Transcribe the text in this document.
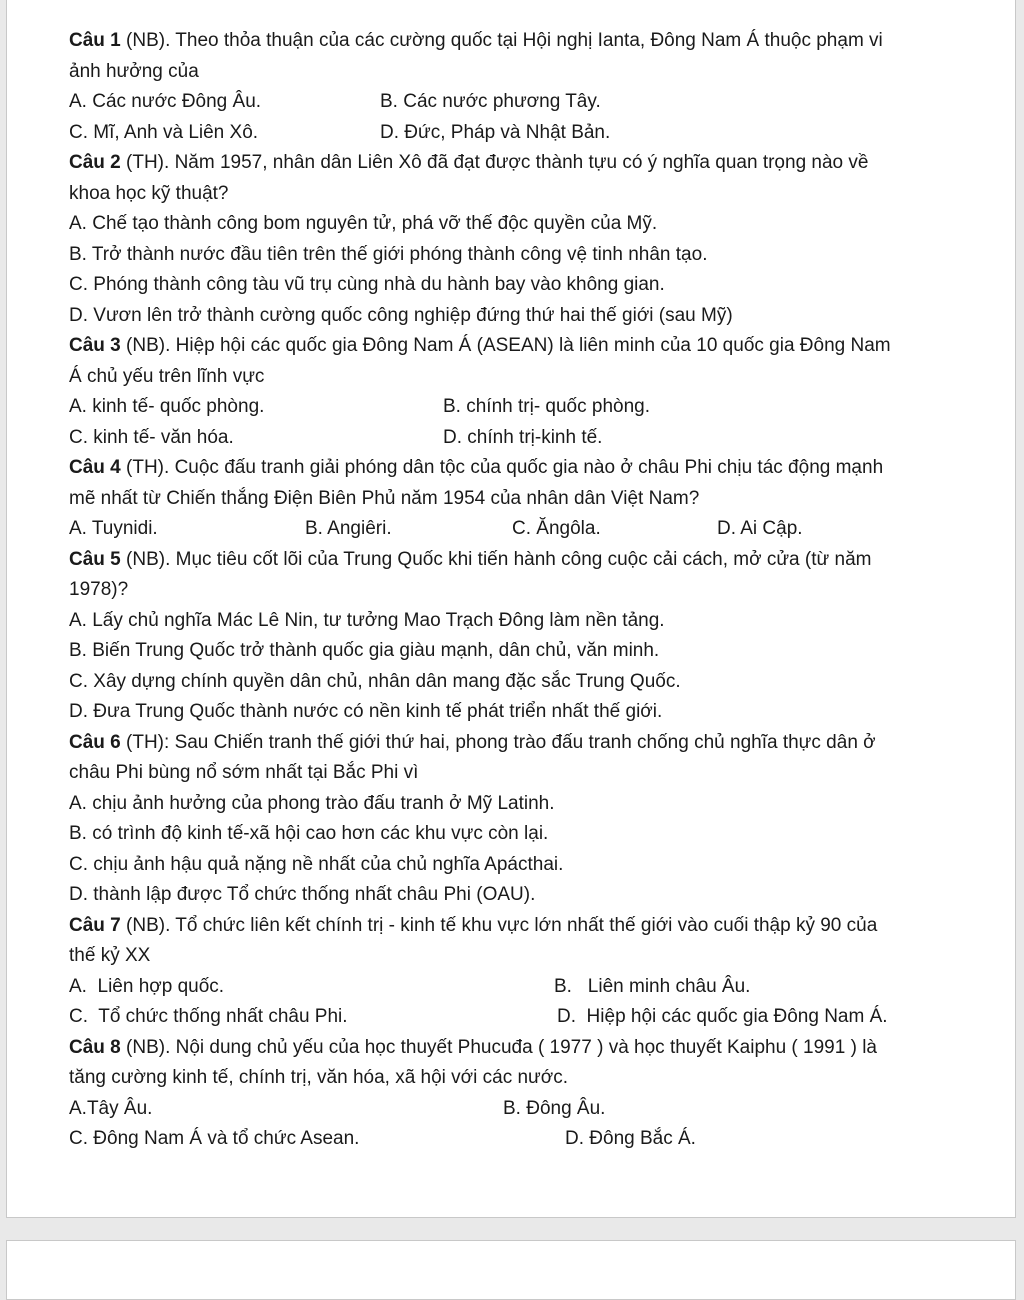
Câu 1 (NB). Theo thỏa thuận của các cường quốc tại Hội nghị Ianta, Đông Nam Á thuộc phạm vi
ảnh hưởng của
A. Các nước Đông Âu.	B. Các nước phương Tây.
C. Mĩ, Anh và Liên Xô.	D. Đức, Pháp và Nhật Bản.
Câu 2 (TH). Năm 1957, nhân dân Liên Xô đã đạt được thành tựu có ý nghĩa quan trọng nào về
khoa học kỹ thuật?
A. Chế tạo thành công bom nguyên tử, phá vỡ thế độc quyền của Mỹ.
B. Trở thành nước đầu tiên trên thế giới phóng thành công vệ tinh nhân tạo.
C. Phóng thành công tàu vũ trụ cùng nhà du hành bay vào không gian.
D. Vươn lên trở thành cường quốc công nghiệp đứng thứ hai thế giới (sau Mỹ)
Câu 3 (NB). Hiệp hội các quốc gia Đông Nam Á (ASEAN) là liên minh của 10 quốc gia Đông Nam
Á chủ yếu trên lĩnh vực
A. kinh tế- quốc phòng.	B. chính trị- quốc phòng.
C. kinh tế- văn hóa.	D. chính trị-kinh tế.
Câu 4 (TH). Cuộc đấu tranh giải phóng dân tộc của quốc gia nào ở châu Phi chịu tác động mạnh
mẽ nhất từ Chiến thắng Điện Biên Phủ năm 1954 của nhân dân Việt Nam?
A. Tuynidi.	B. Angiêri.	C. Ăngôla.	D. Ai Cập.
Câu 5 (NB). Mục tiêu cốt lõi của Trung Quốc khi tiến hành công cuộc cải cách, mở cửa (từ năm
1978)?
A. Lấy chủ nghĩa Mác Lê Nin, tư tưởng Mao Trạch Đông làm nền tảng.
B. Biến Trung Quốc trở thành quốc gia giàu mạnh, dân chủ, văn minh.
C. Xây dựng chính quyền dân chủ, nhân dân mang đặc sắc Trung Quốc.
D. Đưa Trung Quốc thành nước có nền kinh tế phát triển nhất thế giới.
Câu 6 (TH): Sau Chiến tranh thế giới thứ hai, phong trào đấu tranh chống chủ nghĩa thực dân ở
châu Phi bùng nổ sớm nhất tại Bắc Phi vì
A. chịu ảnh hưởng của phong trào đấu tranh ở Mỹ Latinh.
B. có trình độ kinh tế-xã hội cao hơn các khu vực còn lại.
C. chịu ảnh hậu quả nặng nề nhất của chủ nghĩa Apácthai.
D. thành lập được Tổ chức thống nhất châu Phi (OAU).
Câu 7 (NB). Tổ chức liên kết chính trị - kinh tế khu vực lớn nhất thế giới vào cuối thập kỷ 90 của
thế kỷ XX
A.  Liên hợp quốc.	B.   Liên minh châu Âu.
C.  Tổ chức thống nhất châu Phi.	D.  Hiệp hội các quốc gia Đông Nam Á.
Câu 8 (NB). Nội dung chủ yếu của học thuyết Phucuđa ( 1977 ) và học thuyết Kaiphu ( 1991 ) là
tăng cường kinh tế, chính trị, văn hóa, xã hội với các nước.
A.Tây Âu.	B. Đông Âu.
C. Đông Nam Á và tổ chức Asean.	D. Đông Bắc Á.
